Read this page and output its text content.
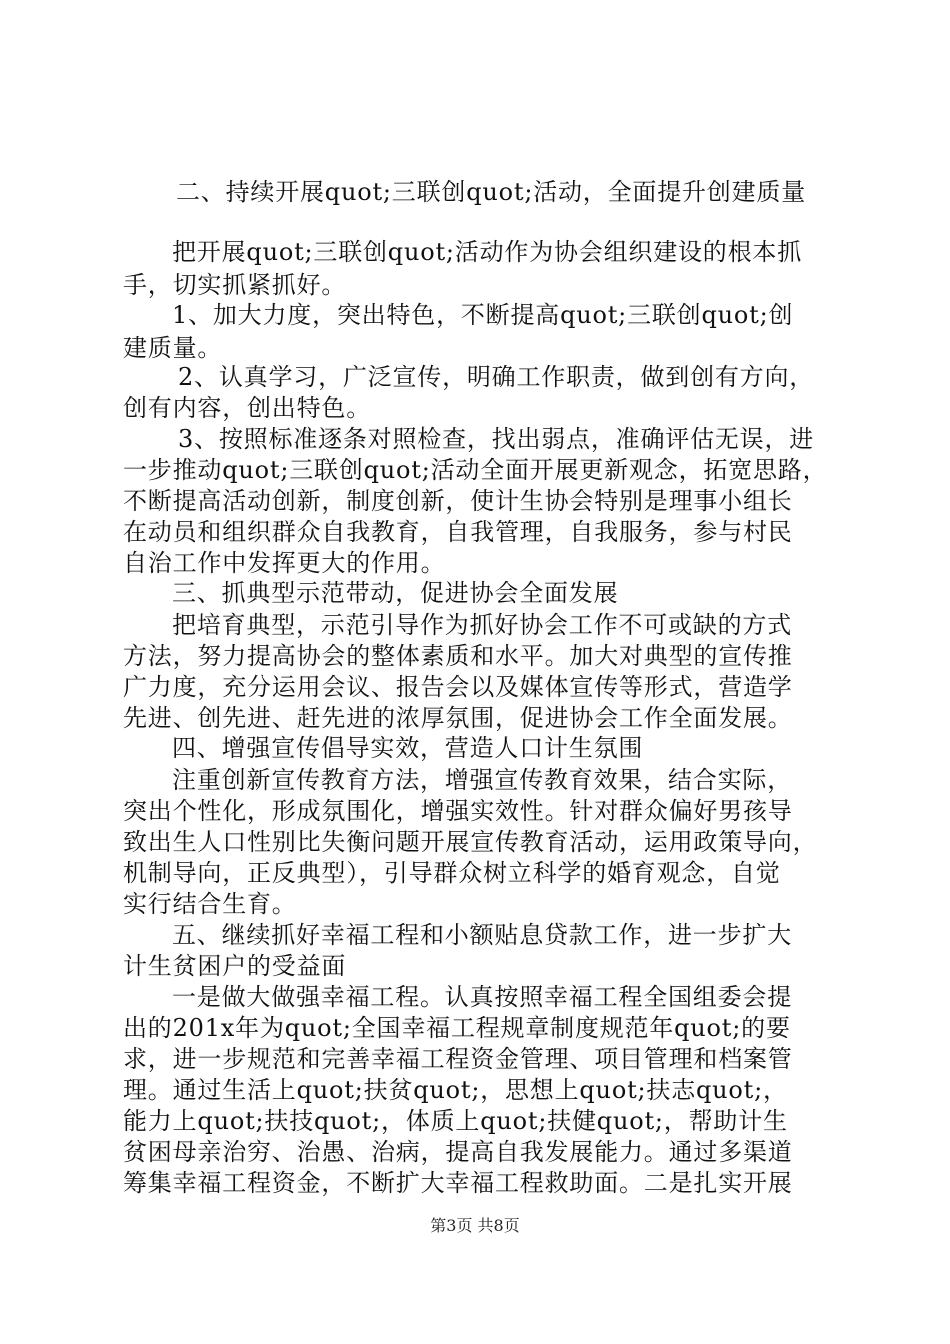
二、持续开展quot;三联创quot;活动，全面提升创建质量
把开展quot;三联创quot;活动作为协会组织建设的根本抓
手，切实抓紧抓好。
1、加大力度，突出特色，不断提高quot;三联创quot;创
建质量。
2、认真学习，广泛宣传，明确工作职责，做到创有方向，
创有内容，创出特色。
3、按照标准逐条对照检查，找出弱点，准确评估无误，进
一步推动quot;三联创quot;活动全面开展更新观念，拓宽思路，
不断提高活动创新，制度创新，使计生协会特别是理事小组长
在动员和组织群众自我教育，自我管理，自我服务，参与村民
自治工作中发挥更大的作用。
三、抓典型示范带动，促进协会全面发展
把培育典型，示范引导作为抓好协会工作不可或缺的方式
方法，努力提高协会的整体素质和水平。加大对典型的宣传推
广力度，充分运用会议、报告会以及媒体宣传等形式，营造学
先进、创先进、赶先进的浓厚氛围，促进协会工作全面发展。
四、增强宣传倡导实效，营造人口计生氛围
注重创新宣传教育方法，增强宣传教育效果，结合实际，
突出个性化，形成氛围化，增强实效性。针对群众偏好男孩导
致出生人口性别比失衡问题开展宣传教育活动，运用政策导向，
机制导向，正反典型），引导群众树立科学的婚育观念，自觉
实行结合生育。
五、继续抓好幸福工程和小额贴息贷款工作，进一步扩大
计生贫困户的受益面
一是做大做强幸福工程。认真按照幸福工程全国组委会提
出的201x年为quot;全国幸福工程规章制度规范年quot;的要
求，进一步规范和完善幸福工程资金管理、项目管理和档案管
理。通过生活上quot;扶贫quot;，思想上quot;扶志quot;，
能力上quot;扶技quot;，体质上quot;扶健quot;，帮助计生
贫困母亲治穷、治愚、治病，提高自我发展能力。通过多渠道
筹集幸福工程资金，不断扩大幸福工程救助面。二是扎实开展
第3页 共8页
